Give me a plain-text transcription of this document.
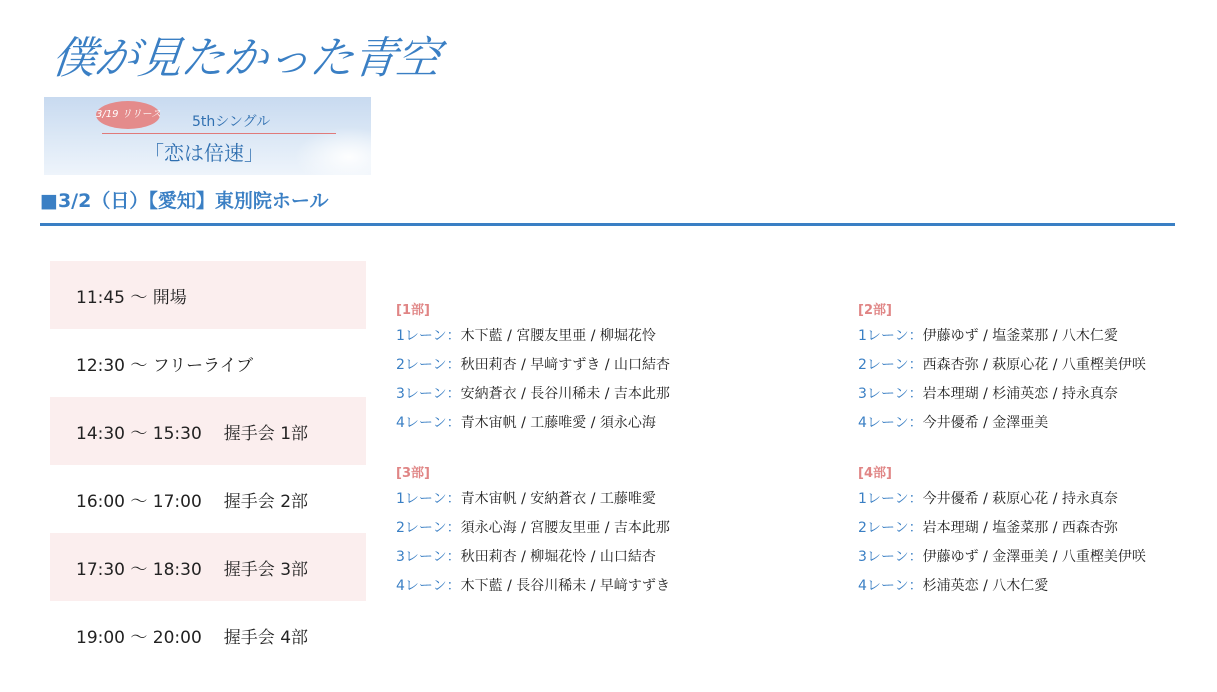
僕が見たかった青空
3/19 リリース 5thシングル
「恋は倍速」
■3/2（日）【愛知】東別院ホール
11:45 〜 開場
12:30 〜 フリーライブ
14:30 〜 15:30 握手会 1部
16:00 〜 17:00 握手会 2部
17:30 〜 18:30 握手会 3部
19:00 〜 20:00 握手会 4部
[1部]
1レーン：木下藍 / 宮腰友里亜 / 柳堀花怜
2レーン：秋田莉杏 / 早﨑すずき / 山口結杏
3レーン：安納蒼衣 / 長谷川稀未 / 吉本此那
4レーン：青木宙帆 / 工藤唯愛 / 須永心海
[2部]
1レーン：伊藤ゆず / 塩釜菜那 / 八木仁愛
2レーン：西森杏弥 / 萩原心花 / 八重樫美伊咲
3レーン：岩本理瑚 / 杉浦英恋 / 持永真奈
4レーン：今井優希 / 金澤亜美
[3部]
1レーン：青木宙帆 / 安納蒼衣 / 工藤唯愛
2レーン：須永心海 / 宮腰友里亜 / 吉本此那
3レーン：秋田莉杏 / 柳堀花怜 / 山口結杏
4レーン：木下藍 / 長谷川稀未 / 早﨑すずき
[4部]
1レーン：今井優希 / 萩原心花 / 持永真奈
2レーン：岩本理瑚 / 塩釜菜那 / 西森杏弥
3レーン：伊藤ゆず / 金澤亜美 / 八重樫美伊咲
4レーン：杉浦英恋 / 八木仁愛
